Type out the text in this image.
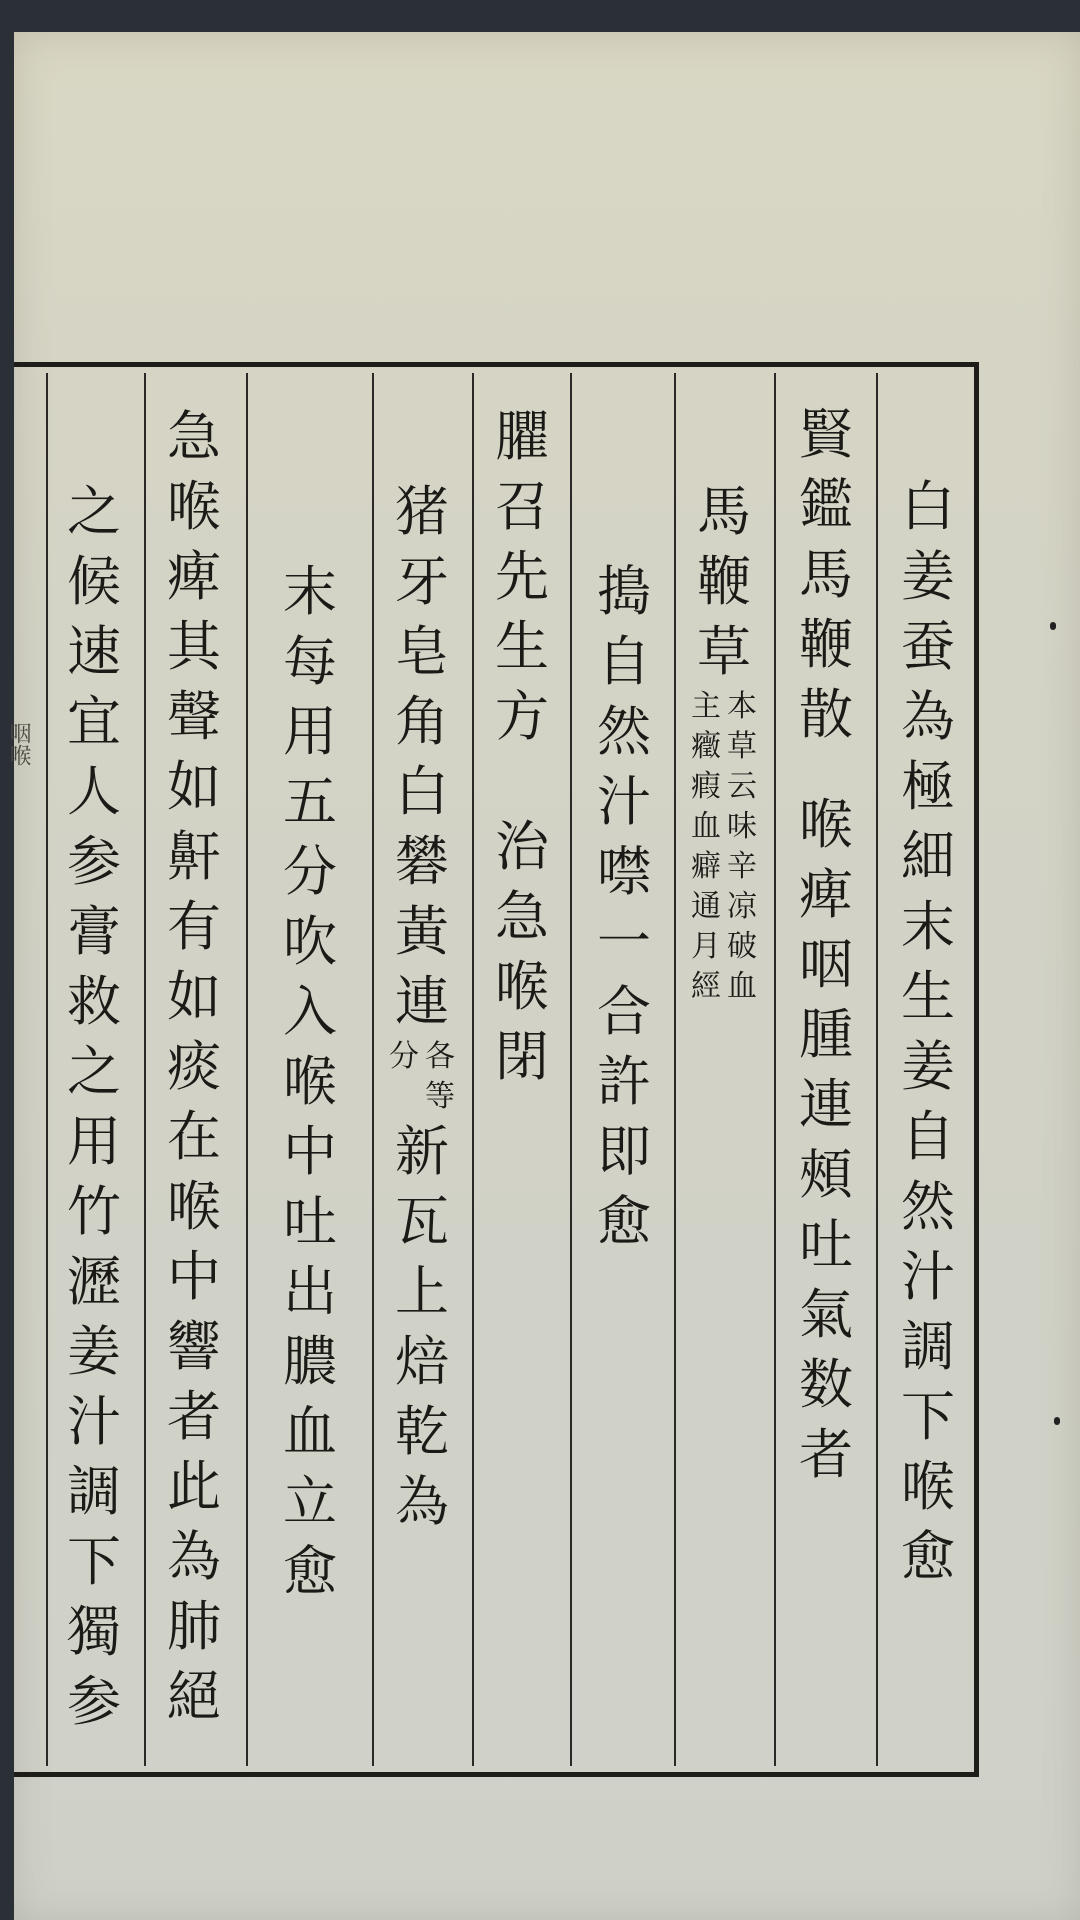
咽喉
白
姜
蚕
為
極
細
末
生
姜
自
然
汁
調
下
喉
愈
賢
鑑
馬
鞭
散
喉
痺
咽
腫
連
頰
吐
氣
数
者
馬
鞭
草
本
草
云
味
辛
凉
破
血
主
癥
瘕
血
癖
通
月
經
搗
自
然
汁
噤
一
合
許
即
愈
臞
召
先
生
方
治
急
喉
閉
猪
牙
皂
角
白
礬
黃
連
各
等
分
新
瓦
上
焙
乾
為
末
每
用
五
分
吹
入
喉
中
吐
出
膿
血
立
愈
急
喉
痺
其
聲
如
鼾
有
如
痰
在
喉
中
響
者
此
為
肺
絕
之
候
速
宜
人
参
膏
救
之
用
竹
瀝
姜
汁
調
下
獨
参
